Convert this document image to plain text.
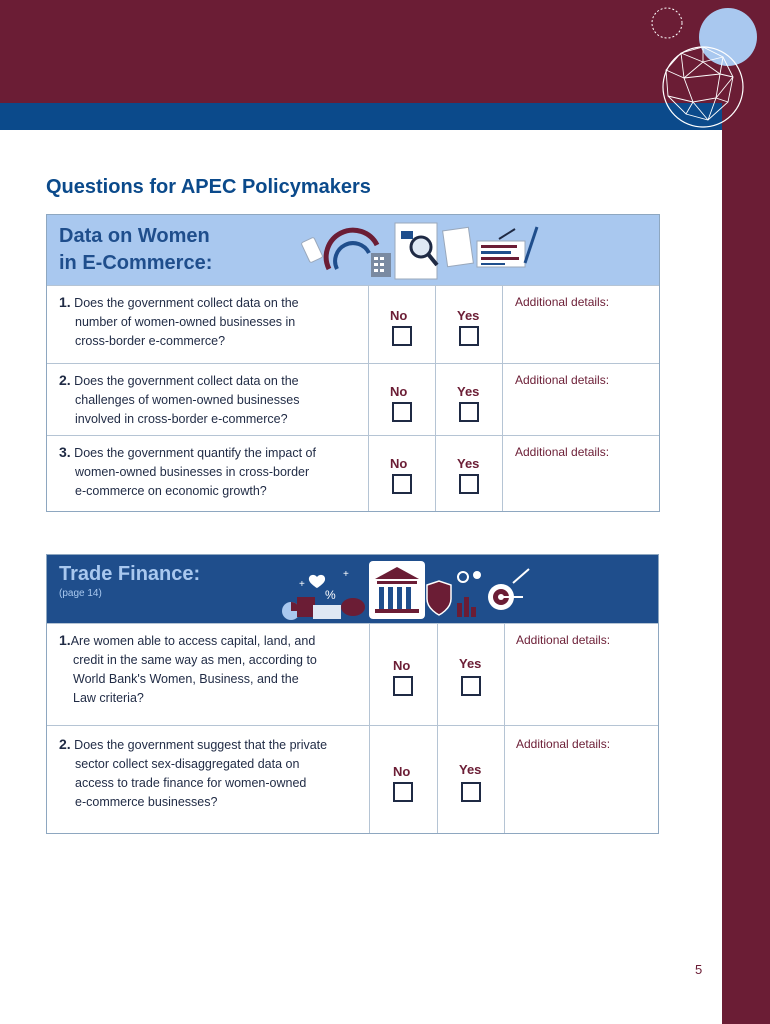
Questions for APEC Policymakers
Data on Women
in E-Commerce:
1. Does the government collect data on the
number of women-owned businesses in
cross-border e-commerce?
No	Yes
Additional details:
2. Does the government collect data on the
challenges of women-owned businesses
involved in cross-border e-commerce?
No	Yes
Additional details:
3. Does the government quantify the impact of
women-owned businesses in cross-border
e-commerce on economic growth?
No	Yes
Additional details:
Trade Finance:
(page 14)
+
%
+
1.Are women able to access capital, land, and
credit in the same way as men, according to
World Bank's Women, Business, and the
Law criteria?
No	Yes
Additional details:
2. Does the government suggest that the private
sector collect sex-disaggregated data on
access to trade finance for women-owned
e-commerce businesses?
No	Yes
Additional details:
5
